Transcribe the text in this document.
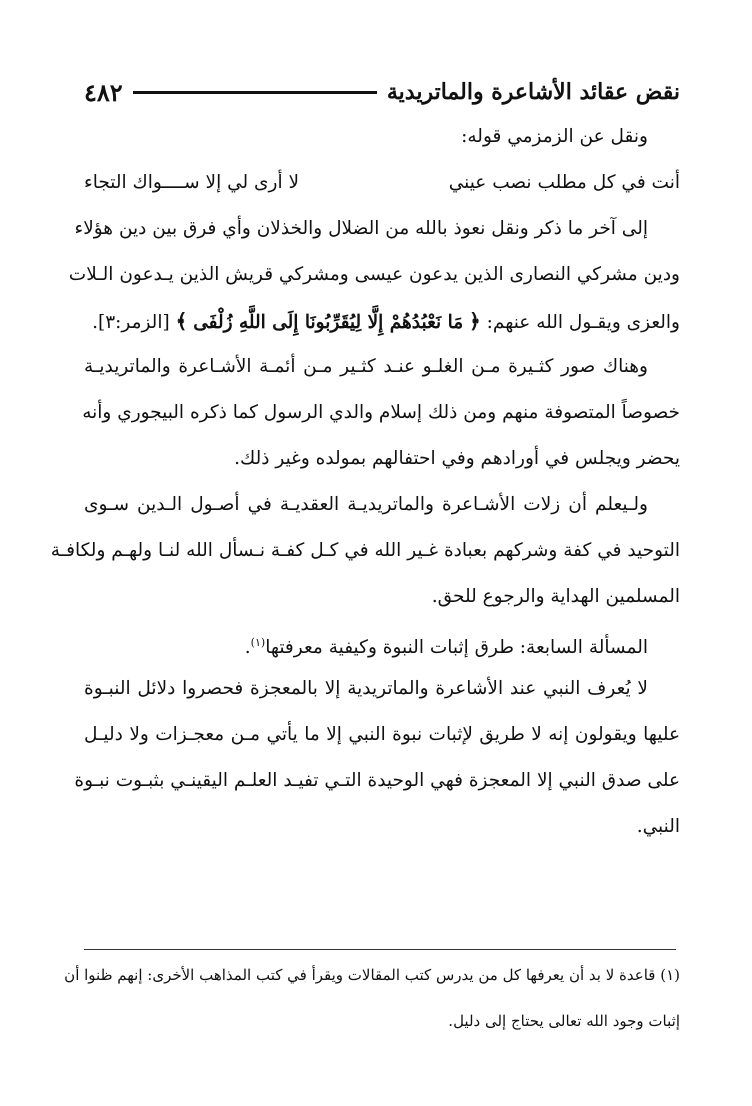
نقض عقائد الأشاعرة والماتريدية
٤٨٢
ونقل عن الزمزمي قوله:
أنت في كل مطلب نصب عيني
لا أرى لي إلا ســــواك التجاء
إلى آخر ما ذكر ونقل نعوذ بالله من الضلال والخذلان وأي فرق بين دين هؤلاء
ودين مشركي النصارى الذين يدعون عيسى ومشركي قريش الذين يـدعون الـلات
والعزى ويقـول الله عنهم: ﴿ مَا نَعْبُدُهُمْ إِلَّا لِيُقَرِّبُونَا إِلَى اللَّهِ زُلْفَى ﴾ [الزمر:٣].
وهناك صور كثـيرة مـن الغلـو عنـد كثـير مـن أئمـة الأشـاعرة والماتريديـة
خصوصاً المتصوفة منهم ومن ذلك إسلام والدي الرسول كما ذكره البيجوري وأنه
يحضر ويجلس في أورادهم وفي احتفالهم بمولده وغير ذلك.
ولـيعلم أن زلات الأشـاعرة والماتريديـة العقديـة في أصـول الـدين سـوى
التوحيد في كفة وشركهم بعبادة غـير الله في كـل كفـة نـسأل الله لنـا ولهـم ولكافـة
المسلمين الهداية والرجوع للحق.
المسألة السابعة: طرق إثبات النبوة وكيفية معرفتها$^{(١)}$.
لا يُعرف النبي عند الأشاعرة والماتريدية إلا بالمعجزة فحصروا دلائل النبـوة
عليها ويقولون إنه لا طريق لإثبات نبوة النبي إلا ما يأتي مـن معجـزات ولا دليـل
على صدق النبي إلا المعجزة فهي الوحيدة التـي تفيـد العلـم اليقينـي بثبـوت نبـوة
النبي.
(١) قاعدة لا بد أن يعرفها كل من يدرس كتب المقالات ويقرأ في كتب المذاهب الأخرى: إنهم ظنوا أن
إثبات وجود الله تعالى يحتاج إلى دليل.
